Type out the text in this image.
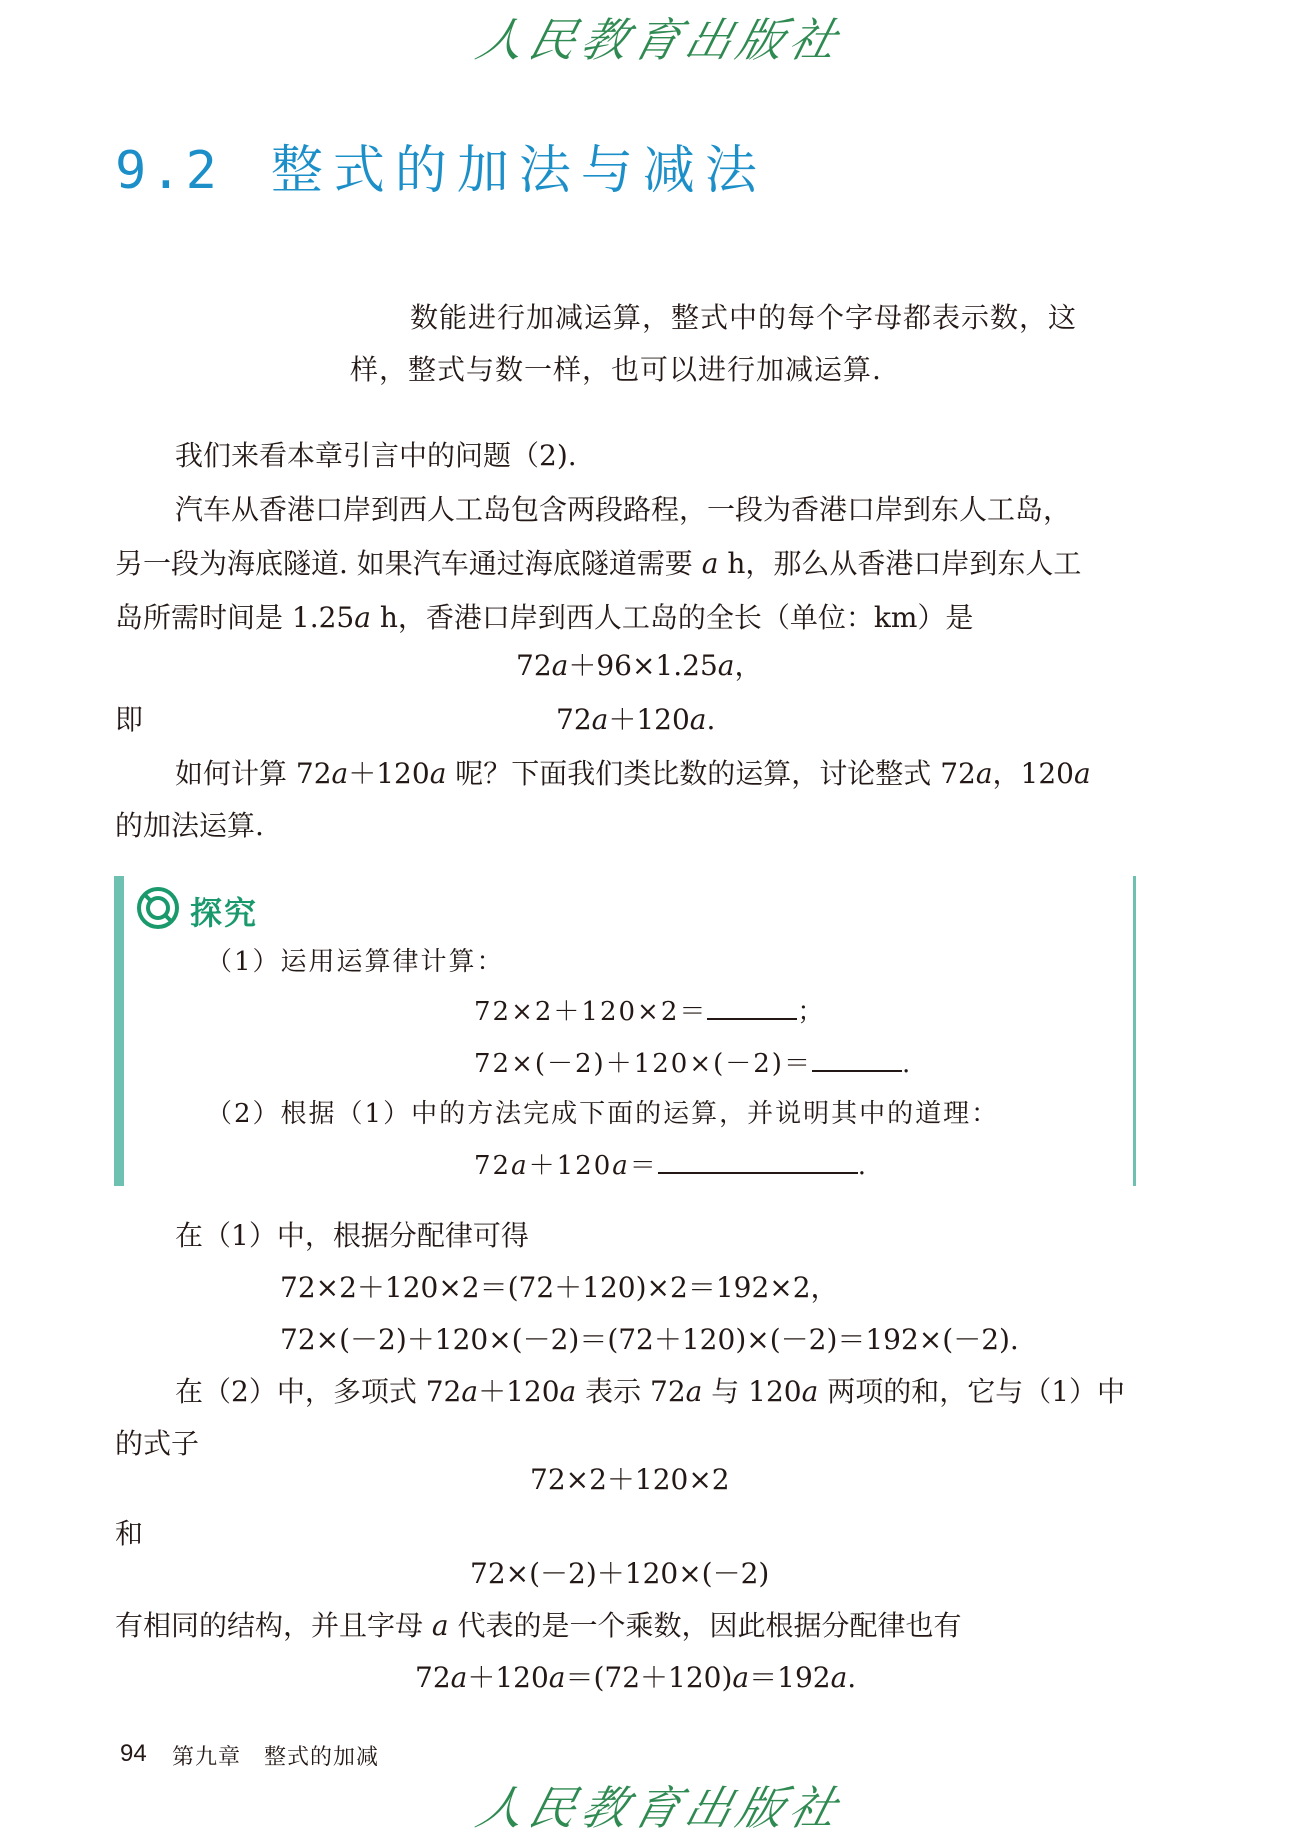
人民教育出版社
9.2 整式的加法与减法
数能进行加减运算，整式中的每个字母都表示数，这
样，整式与数一样，也可以进行加减运算.
我们来看本章引言中的问题（2).
汽车从香港口岸到西人工岛包含两段路程，一段为香港口岸到东人工岛，
另一段为海底隧道. 如果汽车通过海底隧道需要 a h，那么从香港口岸到东人工
岛所需时间是 1.25a h，香港口岸到西人工岛的全长（单位：km）是
72a＋96×1.25a，
即	72a＋120a.
如何计算 72a＋120a 呢？下面我们类比数的运算，讨论整式 72a，120a
的加法运算.
探究
（1）运用运算律计算：
72×2＋120×2＝	；
72×(－2)＋120×(－2)＝	.
（2）根据（1）中的方法完成下面的运算，并说明其中的道理：
72a＋120a＝	.
在（1）中，根据分配律可得
72×2＋120×2＝(72＋120)×2＝192×2，
72×(－2)＋120×(－2)＝(72＋120)×(－2)＝192×(－2).
在（2）中，多项式 72a＋120a 表示 72a 与 120a 两项的和，它与（1）中
的式子
72×2＋120×2
和
72×(－2)＋120×(－2)
有相同的结构，并且字母 a 代表的是一个乘数，因此根据分配律也有
72a＋120a＝(72＋120)a＝192a.
94 第九章　整式的加减
人民教育出版社
